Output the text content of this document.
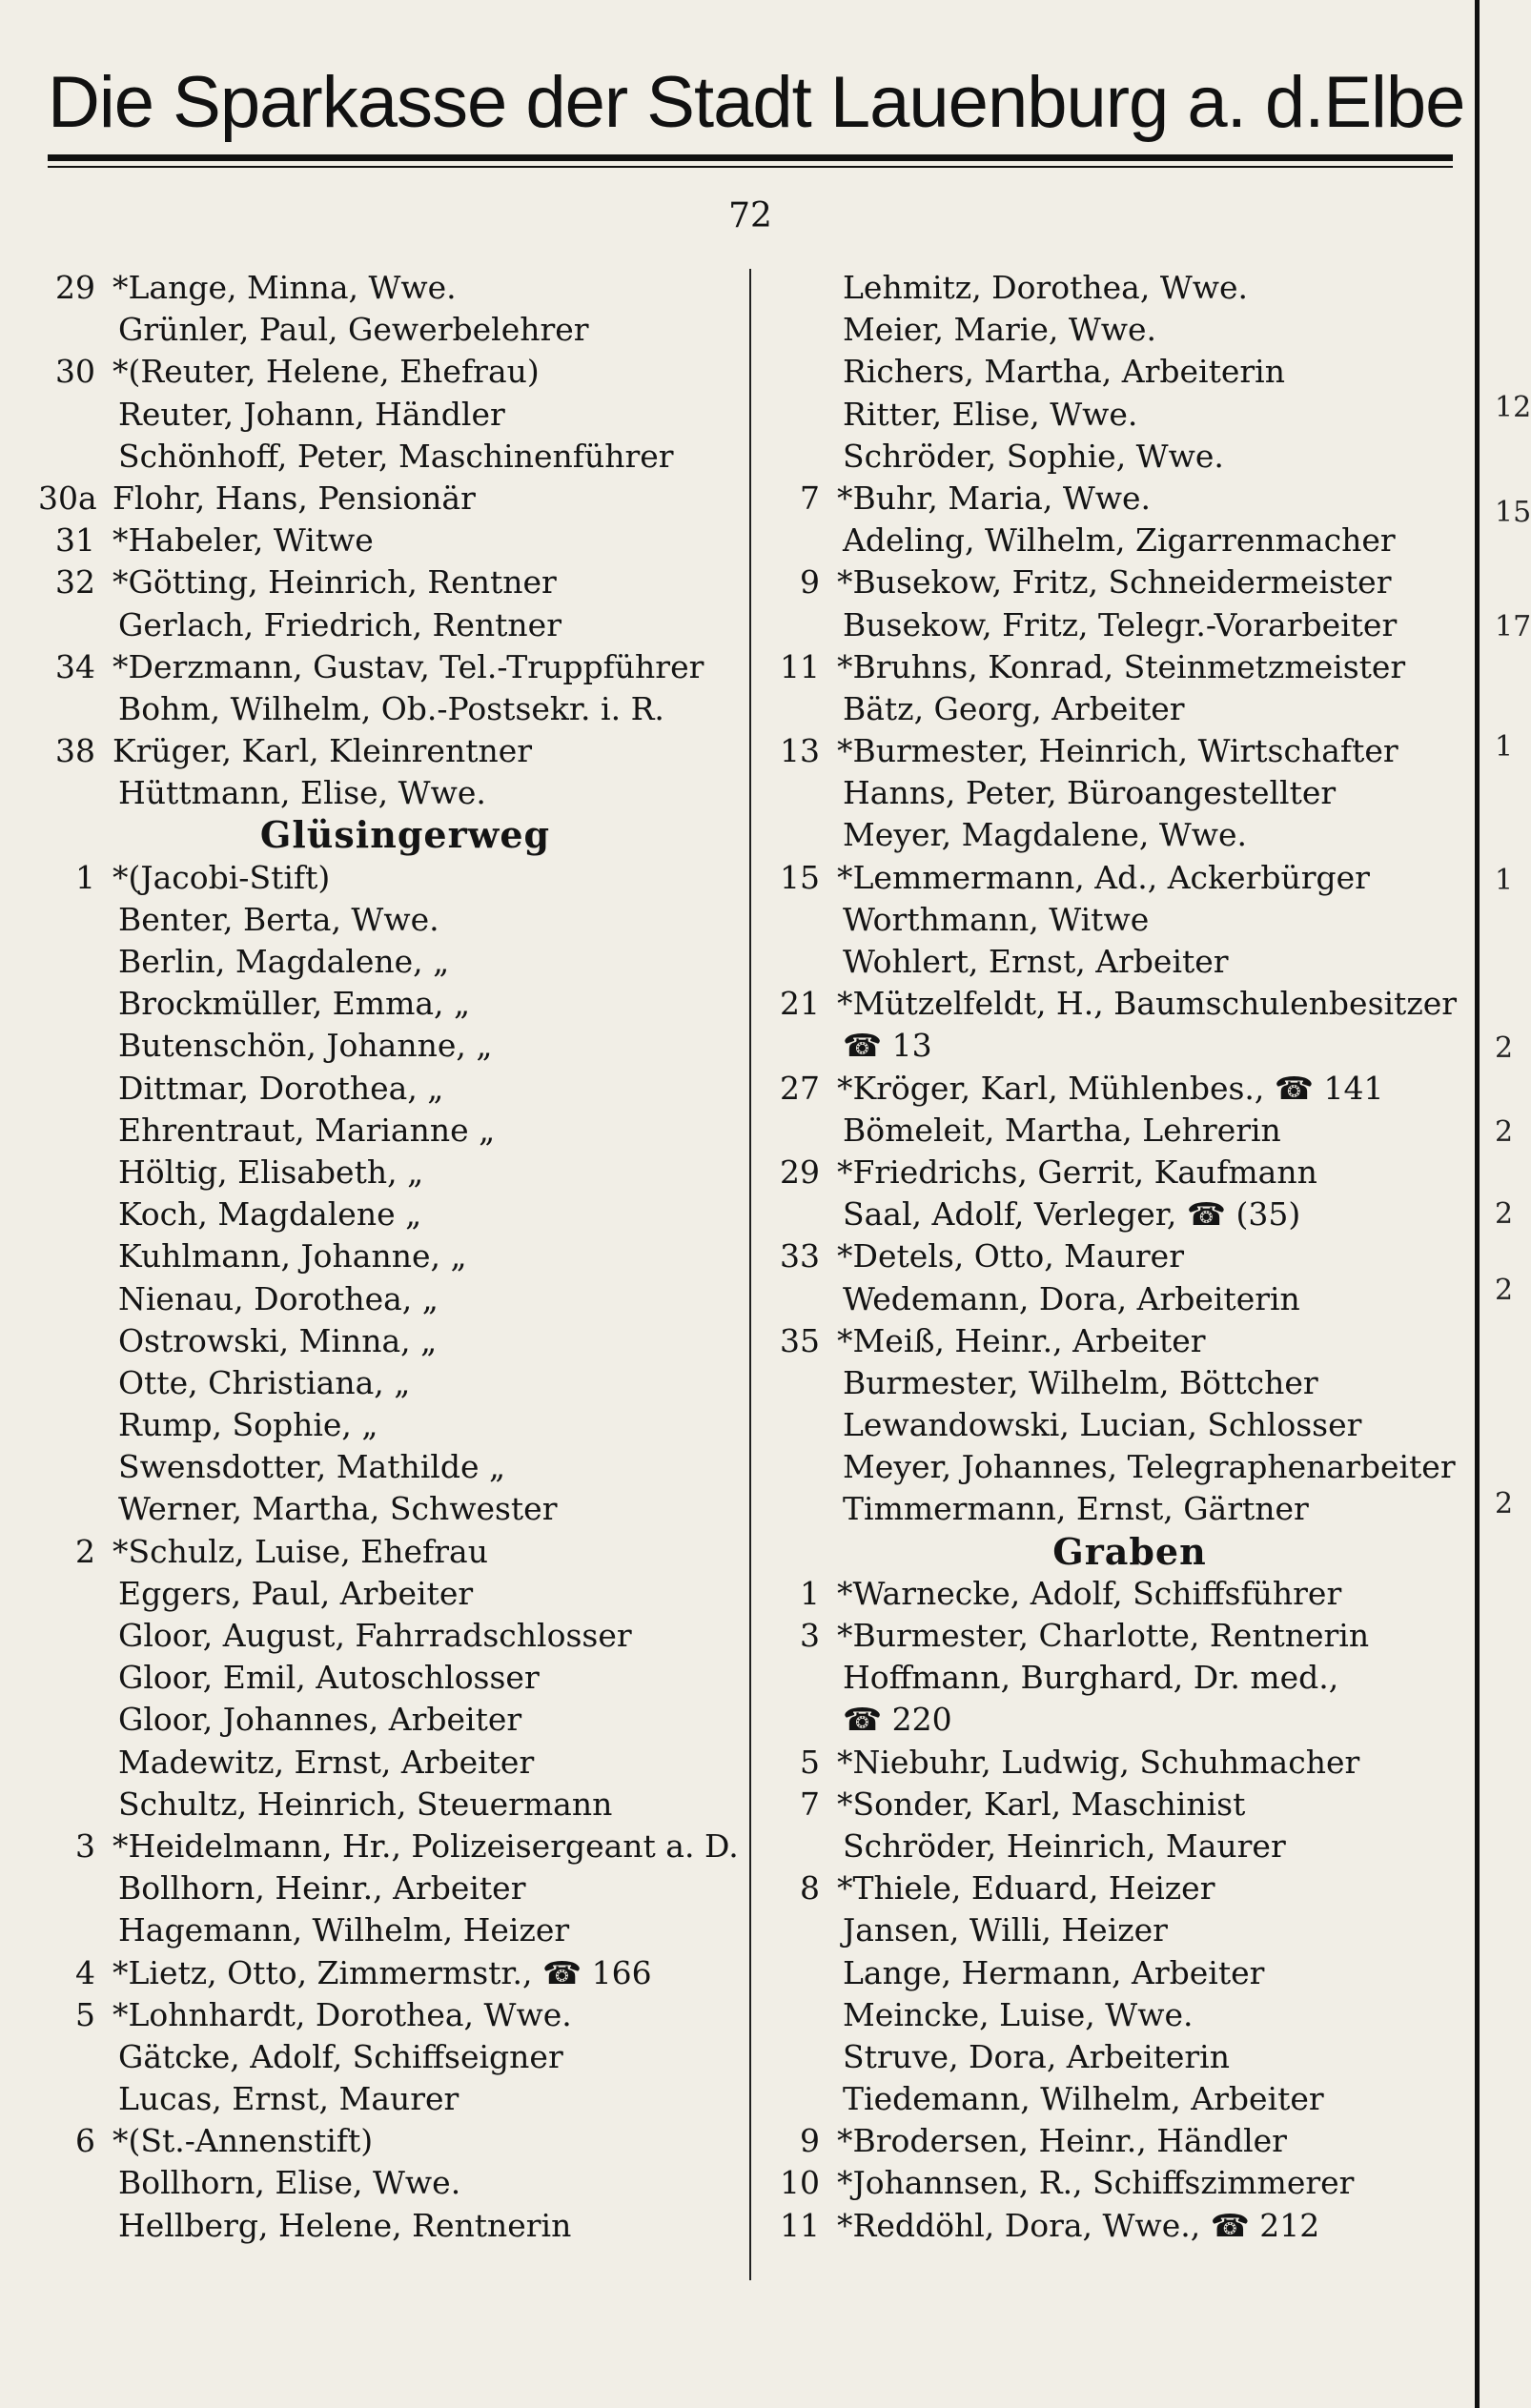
Die Sparkasse der Stadt Lauenburg a. d.Elbe
72
29 *Lange, Minna, Wwe.
Grünler, Paul, Gewerbelehrer
30 *(Reuter, Helene, Ehefrau)
Reuter, Johann, Händler
Schönhoff, Peter, Maschinenführer
30a Flohr, Hans, Pensionär
31 *Habeler, Witwe
32 *Götting, Heinrich, Rentner
Gerlach, Friedrich, Rentner
34 *Derzmann, Gustav, Tel.-Truppführer
Bohm, Wilhelm, Ob.-Postsekr. i. R.
38 Krüger, Karl, Kleinrentner
Hüttmann, Elise, Wwe.
Glüsingerweg
1 *(Jacobi-Stift)
Benter, Berta, Wwe.
Berlin, Magdalene, „
Brockmüller, Emma, „
Butenschön, Johanne, „
Dittmar, Dorothea, „
Ehrentraut, Marianne „
Höltig, Elisabeth, „
Koch, Magdalene „
Kuhlmann, Johanne, „
Nienau, Dorothea, „
Ostrowski, Minna, „
Otte, Christiana, „
Rump, Sophie, „
Swensdotter, Mathilde „
Werner, Martha, Schwester
2 *Schulz, Luise, Ehefrau
Eggers, Paul, Arbeiter
Gloor, August, Fahrradschlosser
Gloor, Emil, Autoschlosser
Gloor, Johannes, Arbeiter
Madewitz, Ernst, Arbeiter
Schultz, Heinrich, Steuermann
3 *Heidelmann, Hr., Polizeisergeant a. D.
Bollhorn, Heinr., Arbeiter
Hagemann, Wilhelm, Heizer
4 *Lietz, Otto, Zimmermstr., ☎ 166
5 *Lohnhardt, Dorothea, Wwe.
Gätcke, Adolf, Schiffseigner
Lucas, Ernst, Maurer
6 *(St.-Annenstift)
Bollhorn, Elise, Wwe.
Hellberg, Helene, Rentnerin
Lehmitz, Dorothea, Wwe.
Meier, Marie, Wwe.
Richers, Martha, Arbeiterin
Ritter, Elise, Wwe.
Schröder, Sophie, Wwe.
7 *Buhr, Maria, Wwe.
Adeling, Wilhelm, Zigarrenmacher
9 *Busekow, Fritz, Schneidermeister
Busekow, Fritz, Telegr.-Vorarbeiter
11 *Bruhns, Konrad, Steinmetzmeister
Bätz, Georg, Arbeiter
13 *Burmester, Heinrich, Wirtschafter
Hanns, Peter, Büroangestellter
Meyer, Magdalene, Wwe.
15 *Lemmermann, Ad., Ackerbürger
Worthmann, Witwe
Wohlert, Ernst, Arbeiter
21 *Mützelfeldt, H., Baumschulenbesitzer
☎ 13
27 *Kröger, Karl, Mühlenbes., ☎ 141
Bömeleit, Martha, Lehrerin
29 *Friedrichs, Gerrit, Kaufmann
Saal, Adolf, Verleger, ☎ (35)
33 *Detels, Otto, Maurer
Wedemann, Dora, Arbeiterin
35 *Meiß, Heinr., Arbeiter
Burmester, Wilhelm, Böttcher
Lewandowski, Lucian, Schlosser
Meyer, Johannes, Telegraphenarbeiter
Timmermann, Ernst, Gärtner
Graben
1 *Warnecke, Adolf, Schiffsführer
3 *Burmester, Charlotte, Rentnerin
Hoffmann, Burghard, Dr. med.,
☎ 220
5 *Niebuhr, Ludwig, Schuhmacher
7 *Sonder, Karl, Maschinist
Schröder, Heinrich, Maurer
8 *Thiele, Eduard, Heizer
Jansen, Willi, Heizer
Lange, Hermann, Arbeiter
Meincke, Luise, Wwe.
Struve, Dora, Arbeiterin
Tiedemann, Wilhelm, Arbeiter
9 *Brodersen, Heinr., Händler
10 *Johannsen, R., Schiffszimmerer
11 *Reddöhl, Dora, Wwe., ☎ 212
12
15
17
1
1
2
2
2
2
2
